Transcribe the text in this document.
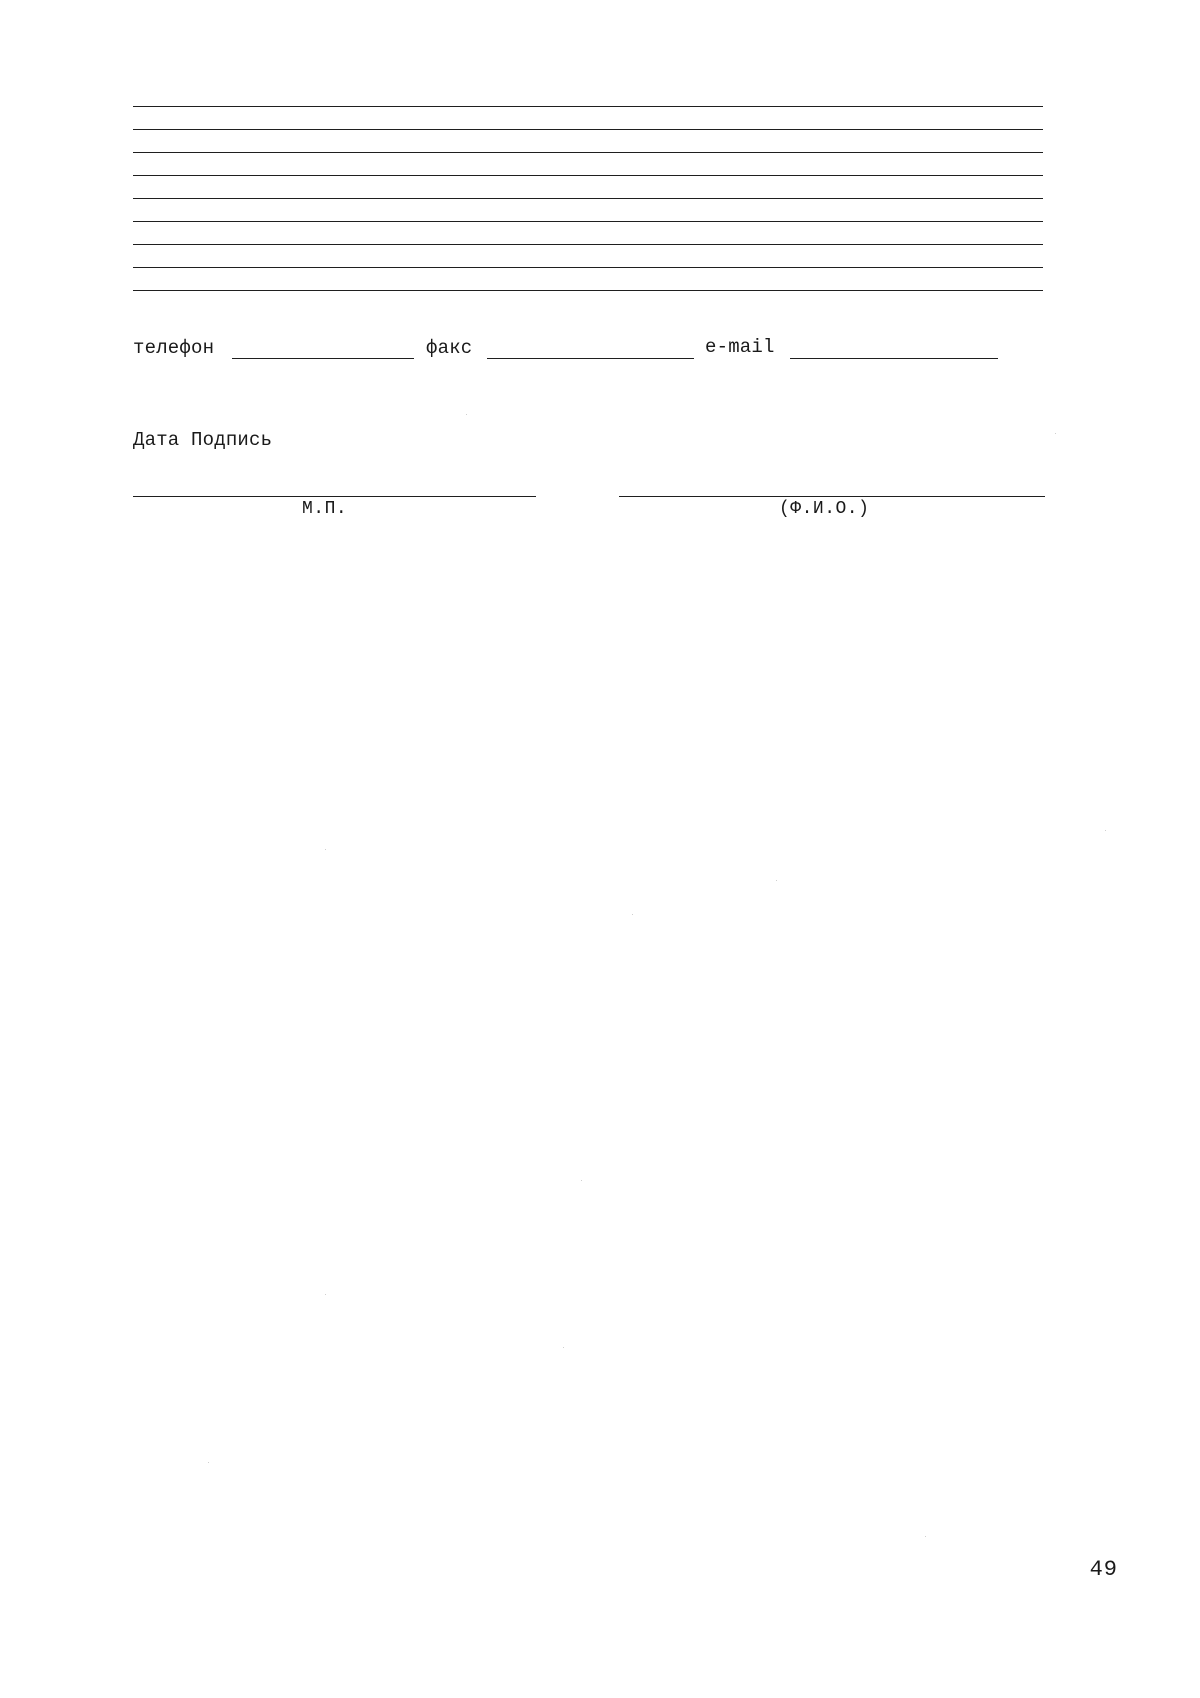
телефон	факс	e-mail
Дата Подпись
М.П.	(Ф.И.О.)
49
